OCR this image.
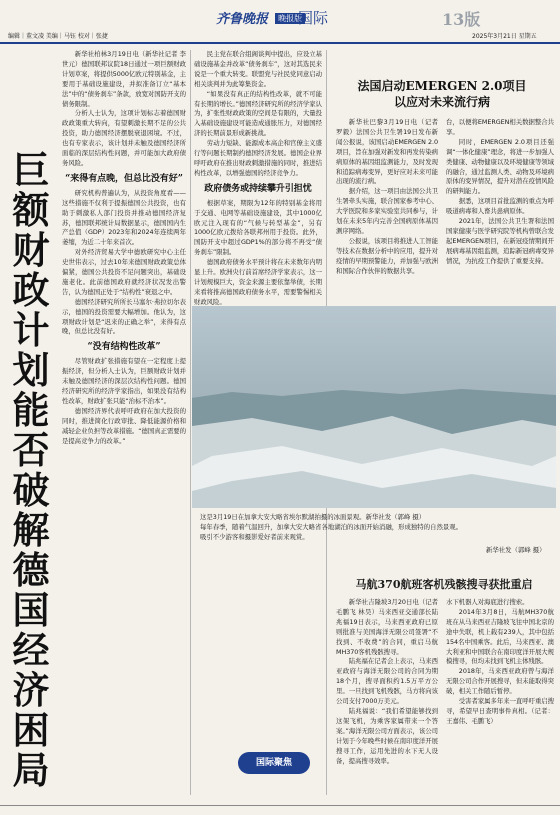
编辑｜董文凌 美编｜马钰 校对｜张捷
齐鲁晚报 晚报版
国际	13版
2025年3月21日 星期五
巨额财政计划能否破解德国经济困局

新华社柏林3月19日电（新华社记者 李世元）德国联邦议院18日通过一项巨额财政计划草案，将提供5000亿欧元特别基金，主要用于基础设施建设，并拟准备订立“基本法”中的“债务刹车”条款，放宽对国防开支的债务限制。

分析人士认为，这项计划标志着德国财政政策重大转向，有望刺激长期不足的公共投资，助力德国经济摆脱衰退困境。不过，也有专家表示，该计划并未触及德国经济所面临的深层结构性问题，并可能加大政府债务风险。

“来得有点晚，但总比没有好”

研究机构普遍认为，从投资角度看——这些措施不仅利于提振德国公共投资，也有助于刺激私人部门投资并推动德国经济复苏，德国联邦统计局数据显示，德国国内生产总值（GDP）2023年和2024年连续两年萎缩，为近二十年来首次。

对外经济贸易大学中德欧研究中心主任史世伟表示，过去10年来德国财政政策总体偏紧，德国公共投资不足问题突出，基础设施老化。此前德国政府就经济状况发出警告，认为德国正处于“结构性”衰退之中。

德国经济研究所所长马塞尔·弗拉切尔表示，德国的投资需要大幅增加。他认为，这项财政计划是“迟来的正确之举”，来得有点晚，但总比没有好。

“没有结构性改革”

尽管财政扩张措施有望在一定程度上提振经济，但分析人士认为，巨额财政计划并未触及德国经济的深层次结构性问题。德国经济研究所的经济学家指出，如果没有结构性改革，财政扩张只能“治标不治本”。

德国经济界代表呼吁政府在加大投资的同时，推进简化行政审批、降低能源价格和减轻企业负担等改革措施。“德国真正需要的是提高竞争力的改革。”

民主党在联合组阁谈判中提出，应设立基础设施基金并改革“债务刹车”，这对其选民来说是一个重大转变。联盟党与社民党同意启动相关谈判并为此筹集资金。

“如果没有真正的结构性改革，就不可能有长期的增长。”德国经济研究所的经济学家认为，扩张性财政政策的空间是有限的，大量投入基础设施建设可能造成通胀压力，对德国经济的长期前景形成新挑战。

劳动力短缺、能源成本高企和官僚主义盛行等问题长期制约德国经济发展。德国企业界呼吁政府在推出财政刺激措施的同时，推进结构性改革，以增强德国的经济竞争力。

政府债务或持续攀升引担忧

根据草案，期限为12年的特别基金将用于交通、电网等基础设施建设，其中1000亿欧元注入现有的“气候与转型基金”，另有1000亿欧元拨给各联邦州用于投资。此外，国防开支中超过GDP1%的部分将不再受“债务刹车”限制。

德国政府债务水平预计将在未来数年内明显上升。欧洲央行前首席经济学家表示，这一计划规模巨大，资金来源主要依靠举债，长期来看将推高德国政府债务水平，需要警惕相关财政风险。

国际聚焦
法国启动EMERGEN 2.0项目
以应对未来流行病

新华社巴黎3月19日电（记者 罗毅）法国公共卫生署19日发布新闻公报说，该国启动EMERGEN 2.0项目，旨在加强对新发和再发传染病病原体的基因组监测能力，及时发现和追踪病毒变异，更好应对未来可能出现的流行病。

据介绍，这一项目由法国公共卫生署牵头实施，联合国家参考中心、大学医院和多家实验室共同参与，计划在未来5年内完善全国病原体基因测序网络。

公报说，该项目将推进人工智能等技术在数据分析中的应用，提升对疫情的早期预警能力，并加强与欧洲和国际合作伙伴的数据共享。

台，以便将EMERGEN相关数据整合共享。

同时，EMERGEN 2.0项目还强调“一体化健康”理念，将进一步加强人类健康、动物健康以及环境健康等领域的融合，通过监测人类、动物及环境病原体的变异情况，提升对潜在疫情风险的研判能力。

据悉，这项目首批监测的重点为呼吸道病毒和人畜共患病原体。

2021年，法国公共卫生署和法国国家健康与医学研究院等机构曾联合发起EMERGEN项目，在新冠疫情期间开展病毒基因组监测，追踪新冠病毒变异情况，为抗疫工作提供了重要支持。

这是3月19日在加拿大安大略省埃尔默湖拍摄的冰面景观。新华社发（郭峰 摄）
每年春季，随着气温回升，加拿大安大略省各地湖泊的冰面开始消融，形成独特的自然景观。
吸引不少游客和摄影爱好者前来观赏。
新华社发（郭峰 摄）
马航370航班客机残骸搜寻获批重启

新华社吉隆坡3月20日电（记者 毛鹏飞 林昊）马来西亚交通部长陆兆福19日表示，马来西亚政府已原则批准与美国海洋无限公司签署“不找到、不收费”的合同，重启马航MH370客机残骸搜寻。

陆兆福在记者会上表示，马来西亚政府与海洋无限公司的合同为期18个月，搜寻面积约1.5万平方公里。一旦找到飞机残骸，马方将向该公司支付7000万美元。

陆兆福说：“我们希望能够找到这架飞机，为乘客家属带来一个答案。”海洋无限公司方面表示，该公司计划于今年晚些时候在南印度洋开展搜寻工作，运用先进的水下无人设备，提高搜寻效率。

水下机器人对海底进行搜索。

2014年3月8日，马航MH370航班在从马来西亚吉隆坡飞往中国北京的途中失联，机上载有239人，其中包括154名中国乘客。此后，马来西亚、澳大利亚和中国联合在南印度洋开展大规模搜寻，但均未找到飞机主体残骸。

2018年，马来西亚政府曾与海洋无限公司合作开展搜寻，但未能取得突破，相关工作随后暂停。

受害者家属多年来一直呼吁重启搜寻，希望早日查明事件真相。（记者：王嘉伟、毛鹏飞）
